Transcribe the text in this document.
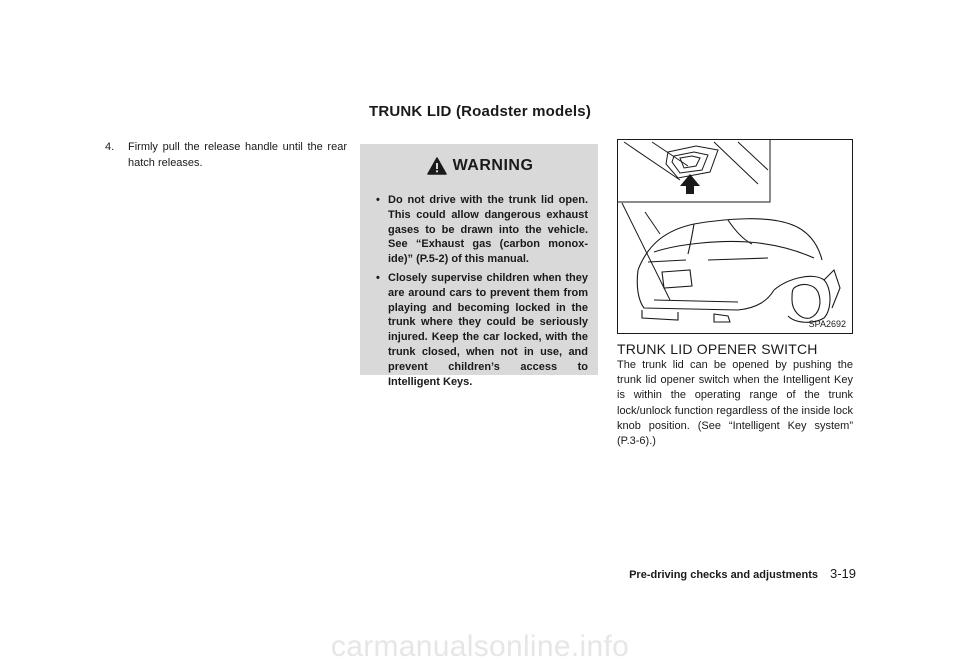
TRUNK LID (Roadster models)
4.	Firmly pull the release handle until the rear hatch releases.	WARNING
• Do not drive with the trunk lid open. This could allow dangerous exhaust gases to be drawn into the vehicle. See “Exhaust gas (carbon monox-ide)” (P.5-2) of this manual.
• Closely supervise children when they are around cars to prevent them from playing and becoming locked in the trunk where they could be seriously injured. Keep the car locked, with the trunk closed, when not in use, and prevent children’s access to Intelligent Keys.
SPA2692
TRUNK LID OPENER SWITCH
The trunk lid can be opened by pushing the trunk lid opener switch when the Intelligent Key is within the operating range of the trunk lock/unlock function regardless of the inside lock knob position. (See “Intelligent Key system” (P.3-6).)
Pre-driving checks and adjustments 3-19
carmanualsonline.info
